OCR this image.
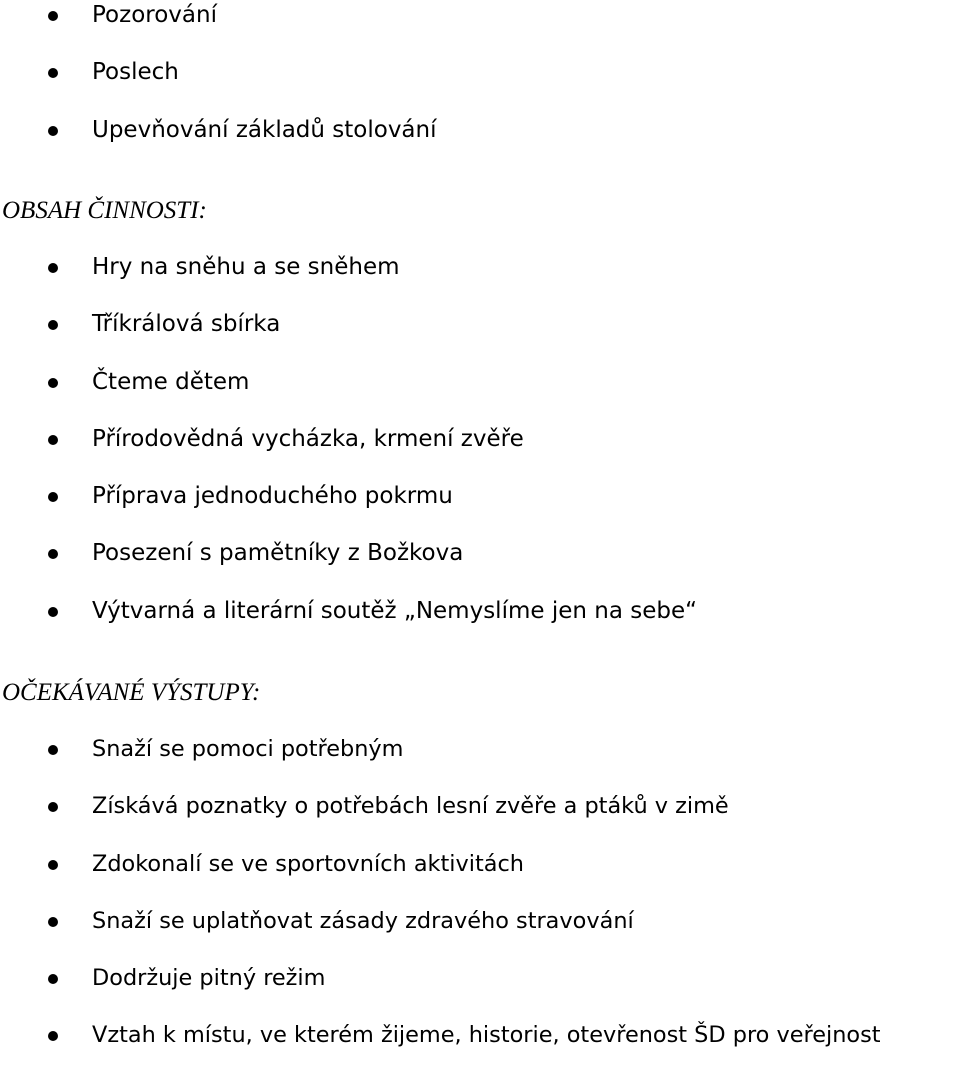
Pozorování
Poslech
Upevňování základů stolování
OBSAH ČINNOSTI:
Hry na sněhu a se sněhem
Tříkrálová sbírka
Čteme dětem
Přírodovědná vycházka, krmení zvěře
Příprava jednoduchého pokrmu
Posezení s pamětníky z Božkova
Výtvarná a literární soutěž „Nemyslíme jen na sebe“
OČEKÁVANÉ VÝSTUPY:
Snaží se pomoci potřebným
Získává poznatky o potřebách lesní zvěře a ptáků v zimě
Zdokonalí se ve sportovních aktivitách
Snaží se uplatňovat zásady zdravého stravování
Dodržuje pitný režim
Vztah k místu, ve kterém žijeme, historie, otevřenost ŠD pro veřejnost
